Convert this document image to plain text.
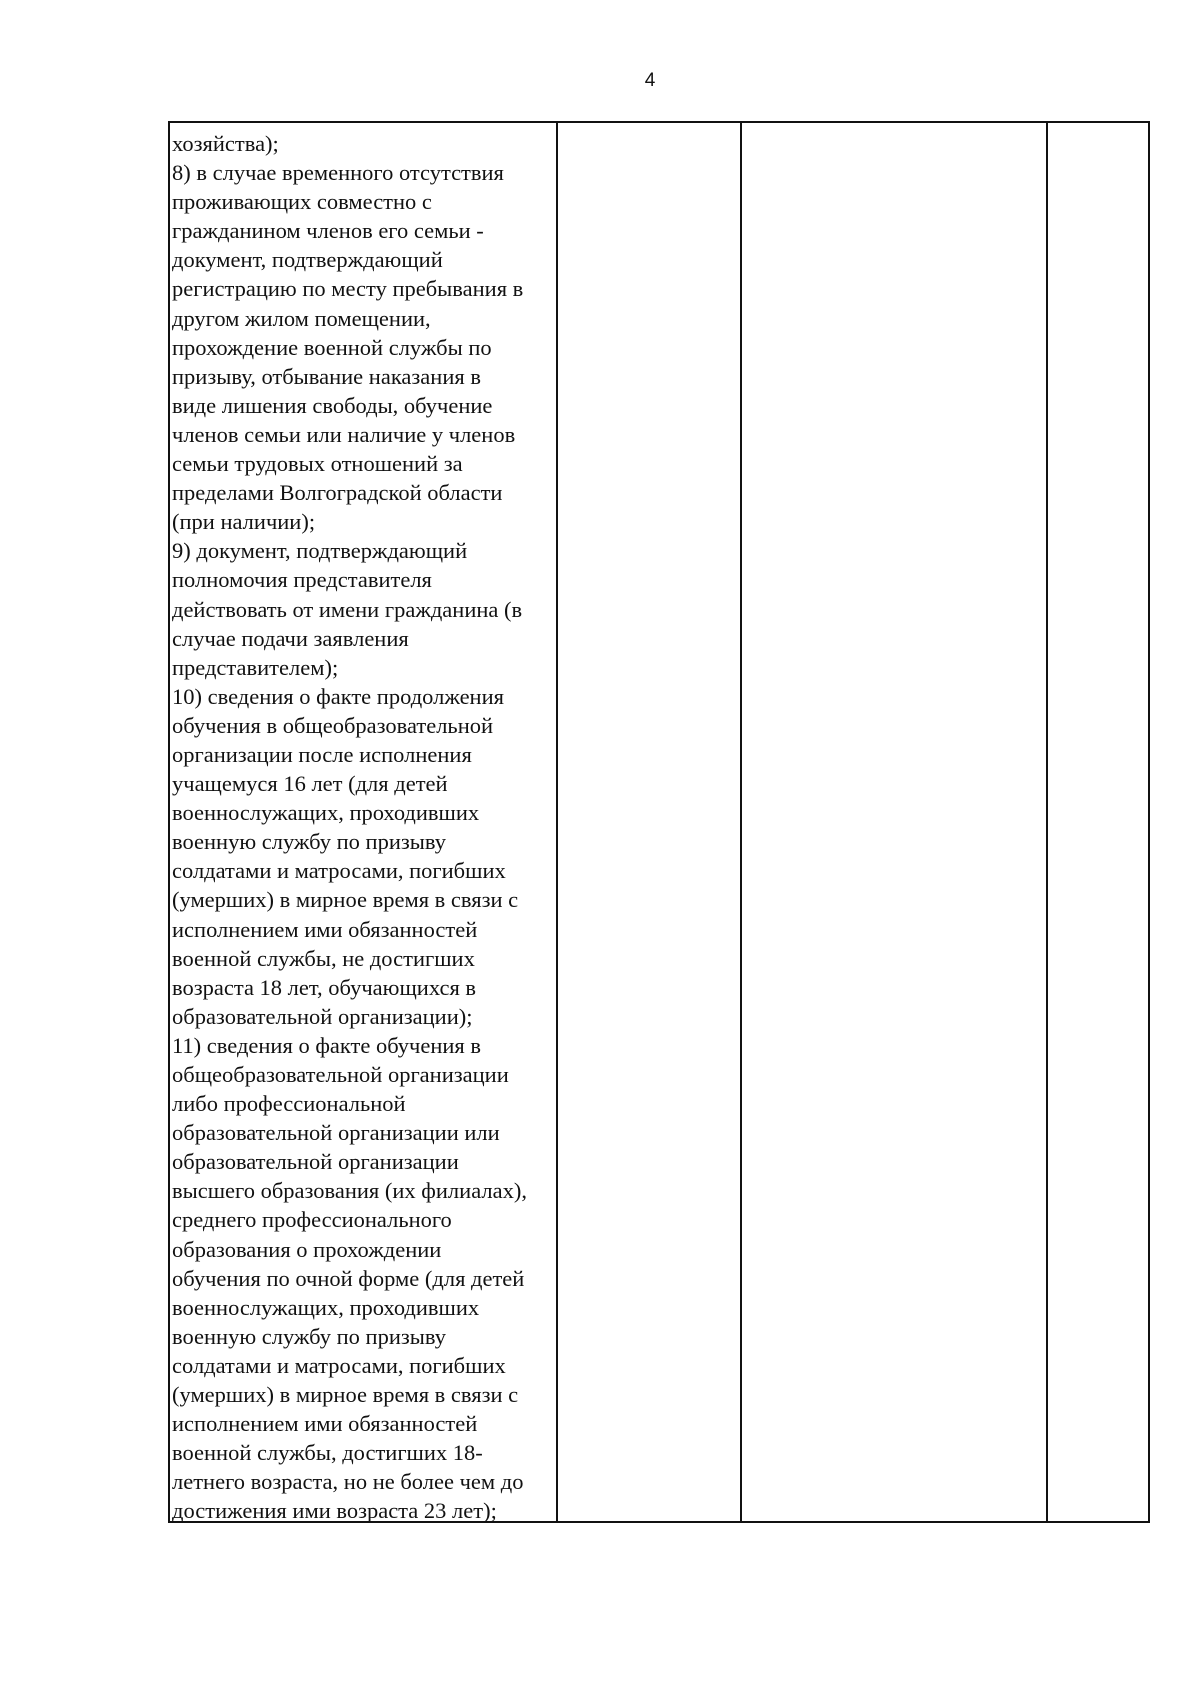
4
хозяйства);
8) в случае временного отсутствия
проживающих совместно с
гражданином членов его семьи -
документ, подтверждающий
регистрацию по месту пребывания в
другом жилом помещении,
прохождение военной службы по
призыву, отбывание наказания в
виде лишения свободы, обучение
членов семьи или наличие у членов
семьи трудовых отношений за
пределами Волгоградской области
(при наличии);
9) документ, подтверждающий
полномочия представителя
действовать от имени гражданина (в
случае подачи заявления
представителем);
10) сведения о факте продолжения
обучения в общеобразовательной
организации после исполнения
учащемуся 16 лет (для детей
военнослужащих, проходивших
военную службу по призыву
солдатами и матросами, погибших
(умерших) в мирное время в связи с
исполнением ими обязанностей
военной службы, не достигших
возраста 18 лет, обучающихся в
образовательной организации);
11) сведения о факте обучения в
общеобразовательной организации
либо профессиональной
образовательной организации или
образовательной организации
высшего образования (их филиалах),
среднего профессионального
образования о прохождении
обучения по очной форме (для детей
военнослужащих, проходивших
военную службу по призыву
солдатами и матросами, погибших
(умерших) в мирное время в связи с
исполнением ими обязанностей
военной службы, достигших 18-
летнего возраста, но не более чем до
достижения ими возраста 23 лет);
